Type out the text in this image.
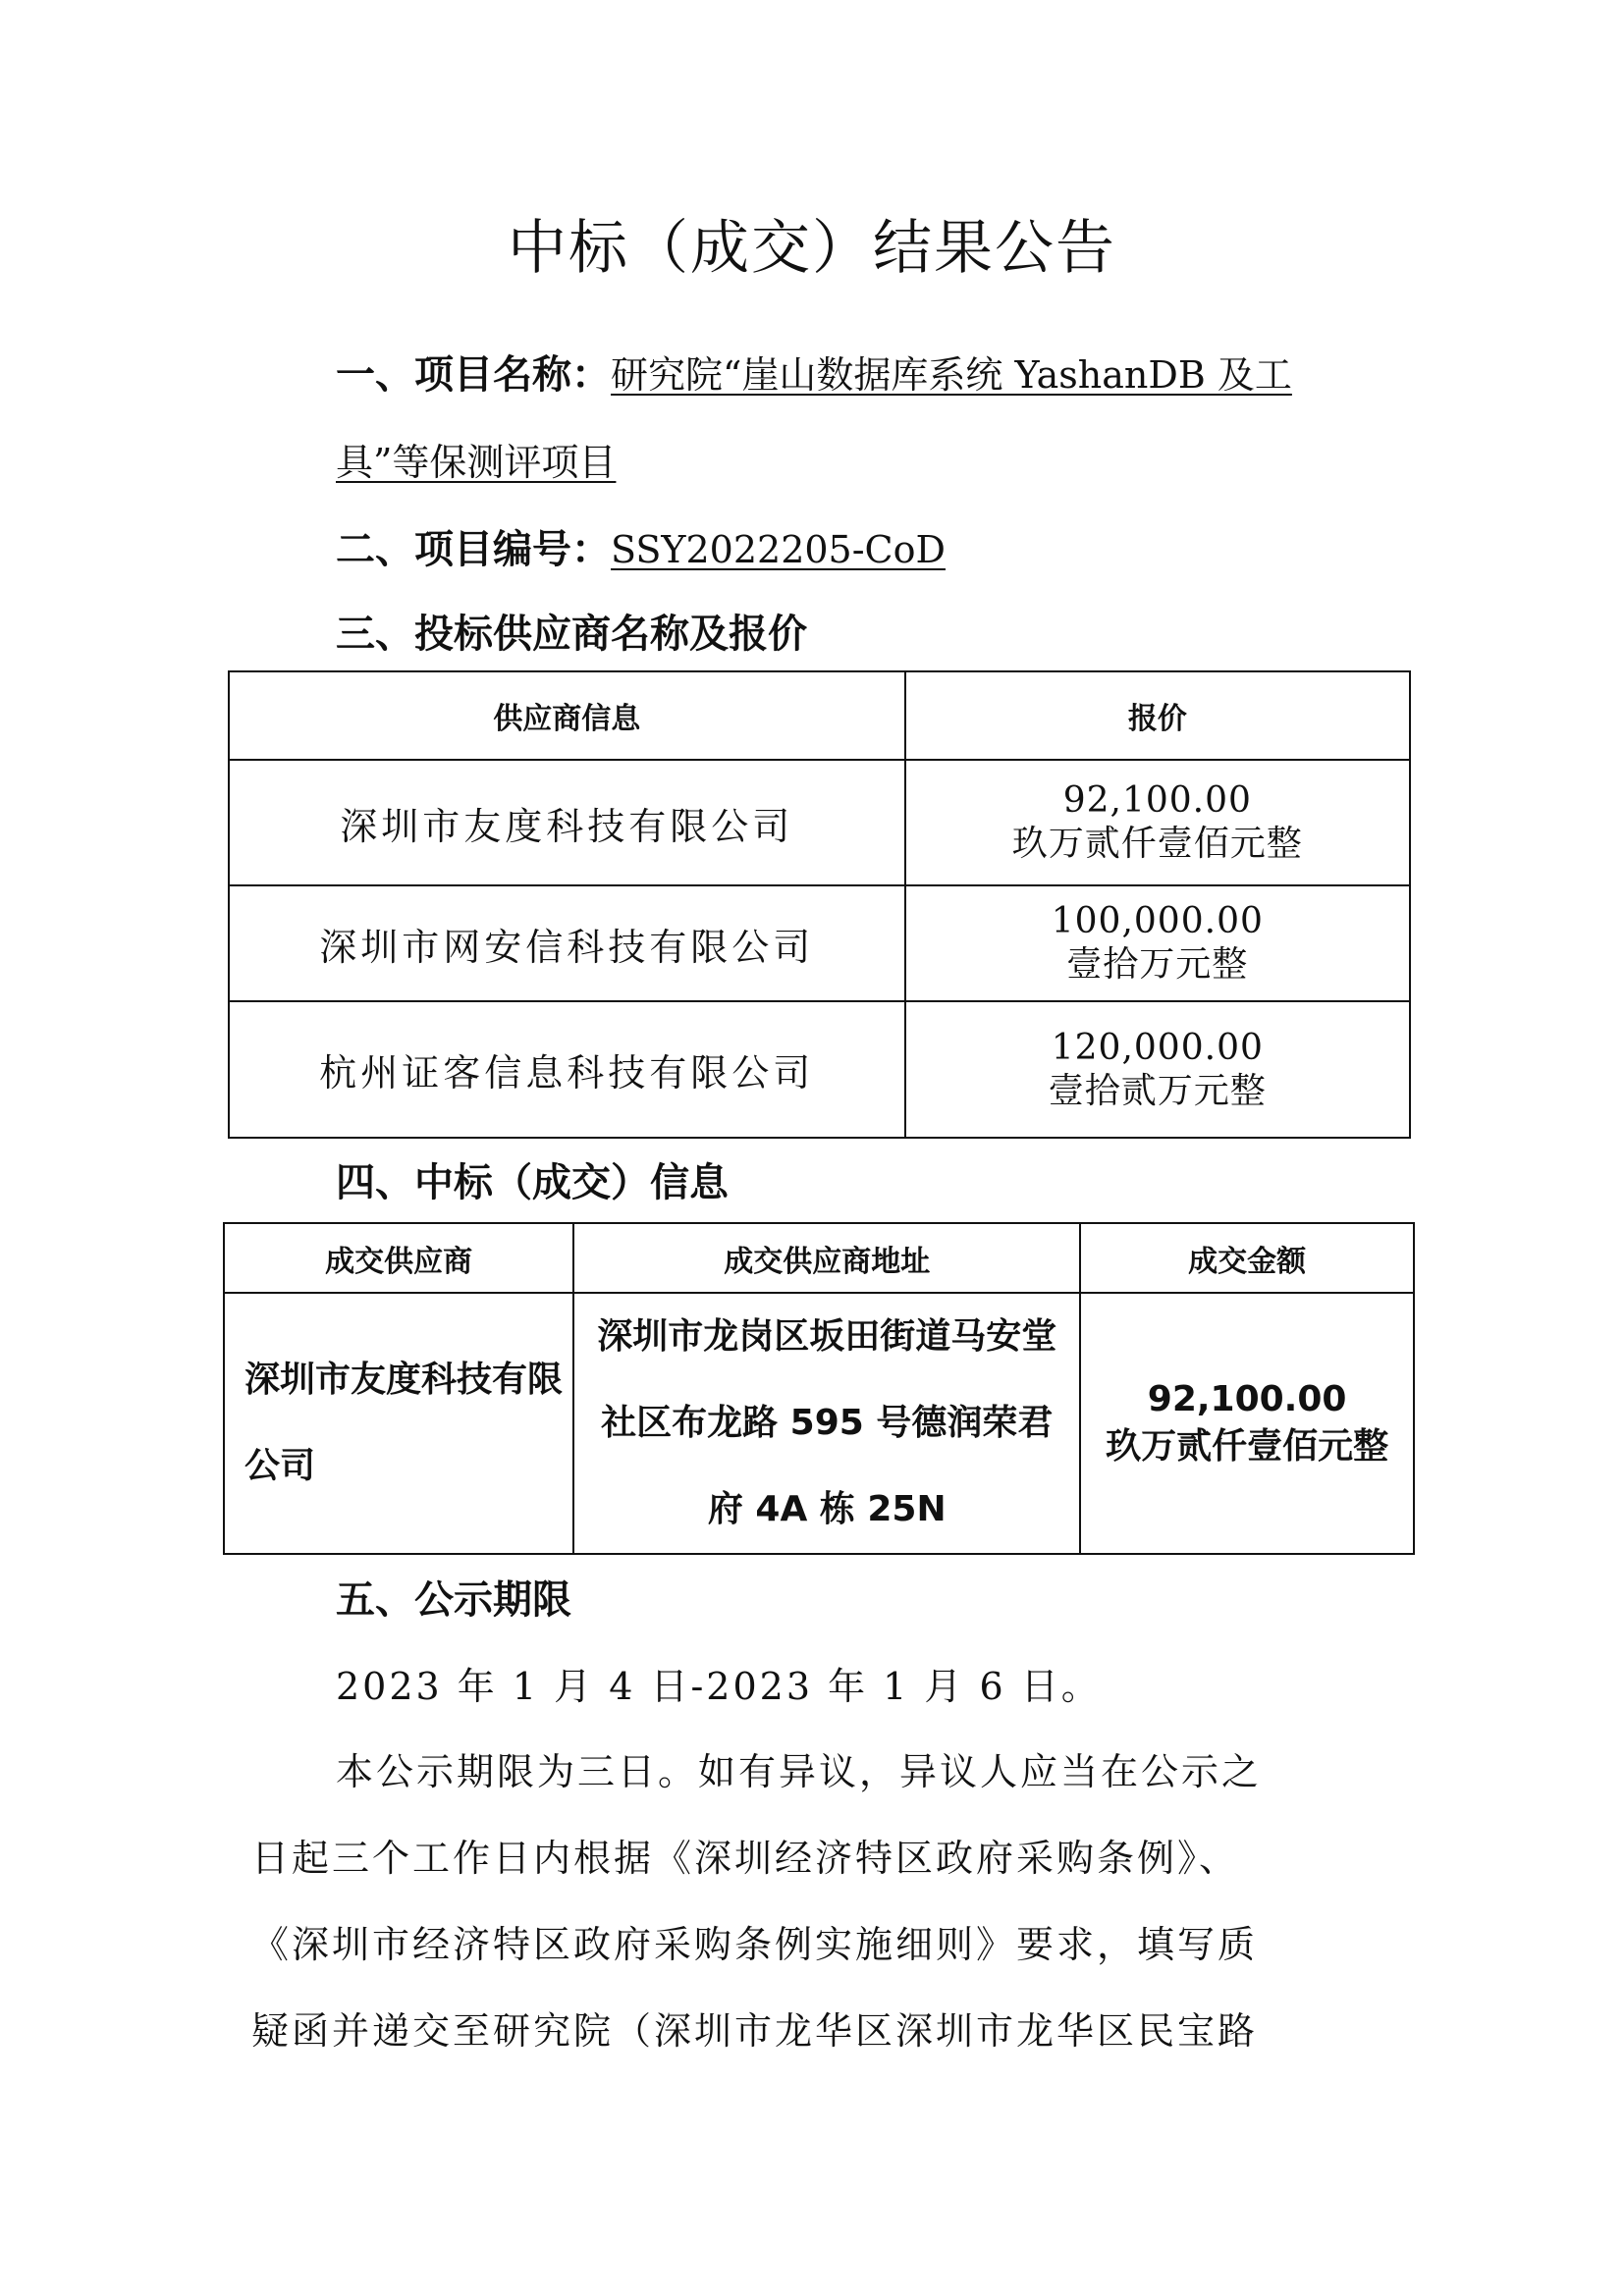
中标（成交）结果公告
一、项目名称：研究院“崖山数据库系统 YashanDB 及工
具”等保测评项目
二、项目编号：SSY2022205-CoD
三、投标供应商名称及报价
供应商信息	报价
深圳市友度科技有限公司	92,100.00
玖万贰仟壹佰元整

深圳市网安信科技有限公司	100,000.00
壹拾万元整

杭州证客信息科技有限公司	120,000.00
壹拾贰万元整
四、中标（成交）信息
成交供应商	成交供应商地址	成交金额
深圳市友度科技有限公司	深圳市龙岗区坂田街道马安堂社区布龙路 595 号德润荣君府 4A 栋 25N	92,100.00
玖万贰仟壹佰元整
五、公示期限
2023 年 1 月 4 日-2023 年 1 月 6 日。
本公示期限为三日。如有异议，异议人应当在公示之
日起三个工作日内根据《深圳经济特区政府采购条例》、
《深圳市经济特区政府采购条例实施细则》要求，填写质
疑函并递交至研究院（深圳市龙华区深圳市龙华区民宝路
